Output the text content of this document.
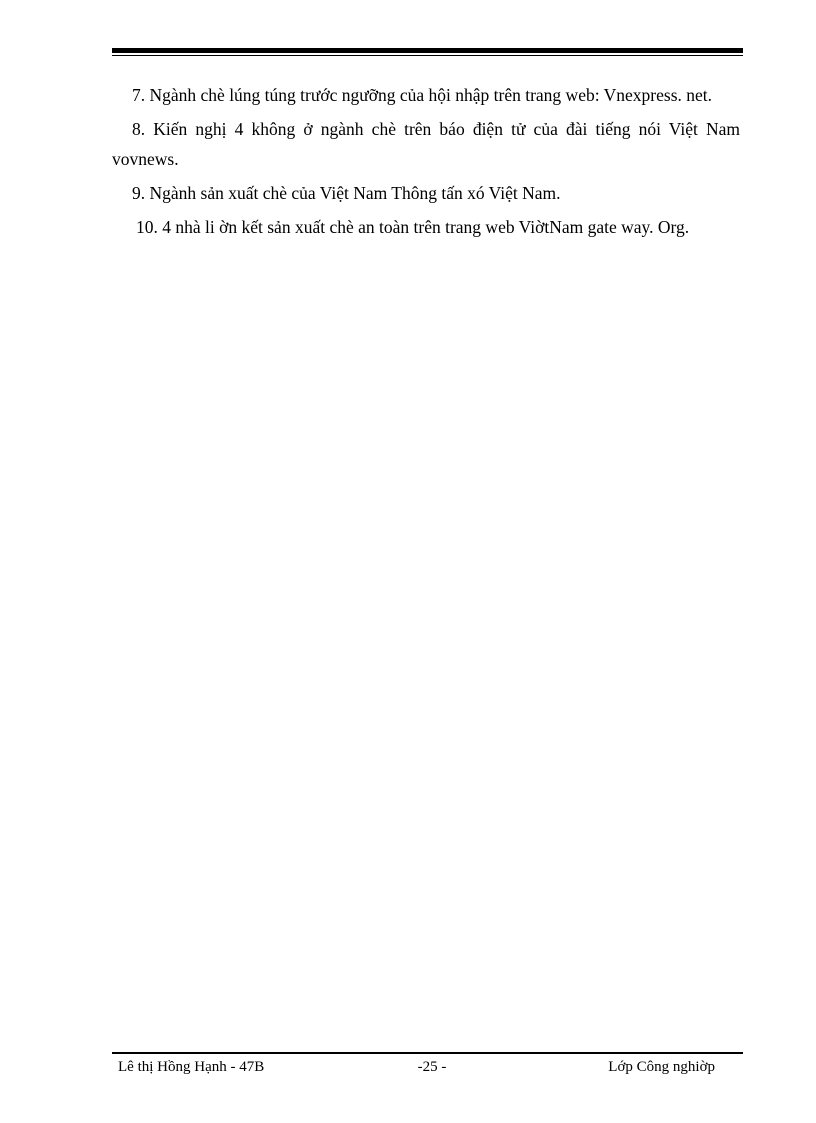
7. Ngành chè lúng túng trước ngưỡng của hội nhập trên trang web: Vnexpress. net.

8. Kiến nghị 4 không ở ngành chè trên báo điện tử của đài tiếng nói Việt Nam vovnews.

9. Ngành sản xuất chè của Việt Nam Thông tấn xó Việt Nam.

10. 4 nhà li ờn kết sản xuất chè an toàn trên trang web ViờtNam gate way. Org.

Lê thị Hồng Hạnh - 47B	-25 -	Lớp Công nghiờp
